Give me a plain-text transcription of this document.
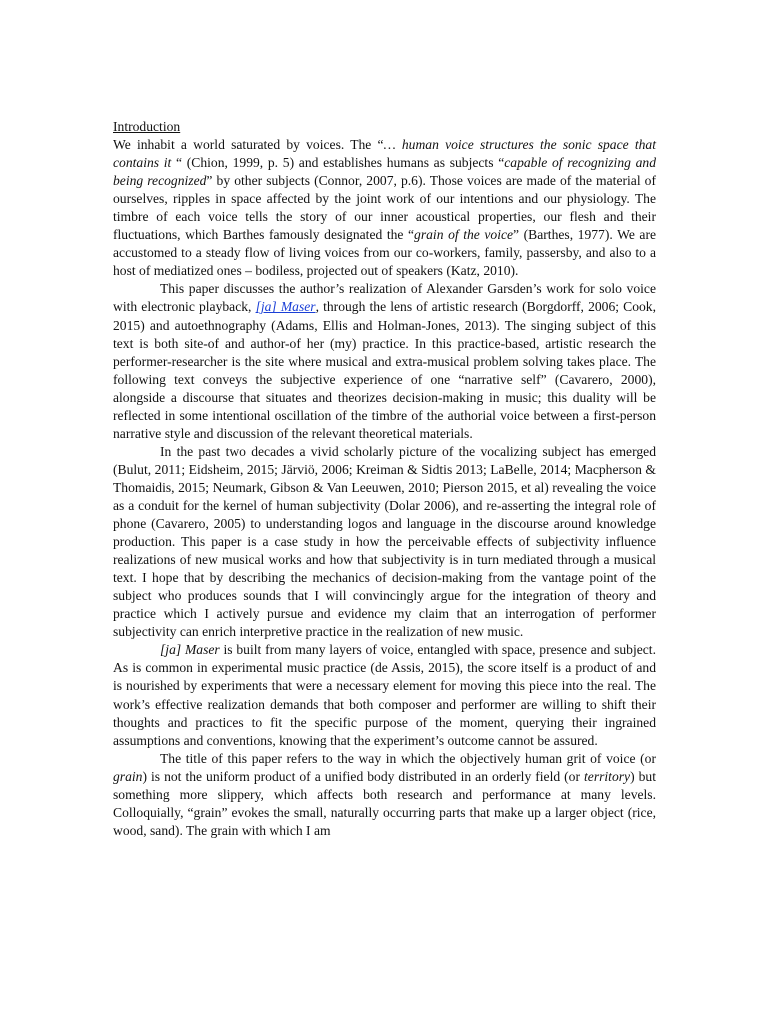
Introduction

We inhabit a world saturated by voices. The “… human voice structures the sonic space that contains it “ (Chion, 1999, p. 5) and establishes humans as subjects “capable of recognizing and being recognized” by other subjects (Connor, 2007, p.6). Those voices are made of the material of ourselves, ripples in space affected by the joint work of our intentions and our physiology. The timbre of each voice tells the story of our inner acoustical properties, our flesh and their fluctuations, which Barthes famously designated the “grain of the voice” (Barthes, 1977). We are accustomed to a steady flow of living voices from our co-workers, family, passersby, and also to a host of mediatized ones – bodiless, projected out of speakers (Katz, 2010).

This paper discusses the author’s realization of Alexander Garsden’s work for solo voice with electronic playback, [ja] Maser, through the lens of artistic research (Borgdorff, 2006; Cook, 2015) and autoethnography (Adams, Ellis and Holman-Jones, 2013). The singing subject of this text is both site-of and author-of her (my) practice. In this practice-based, artistic research the performer-researcher is the site where musical and extra-musical problem solving takes place. The following text conveys the subjective experience of one “narrative self” (Cavarero, 2000), alongside a discourse that situates and theorizes decision-making in music; this duality will be reflected in some intentional oscillation of the timbre of the authorial voice between a first-person narrative style and discussion of the relevant theoretical materials.

In the past two decades a vivid scholarly picture of the vocalizing subject has emerged (Bulut, 2011; Eidsheim, 2015; Järviö, 2006; Kreiman & Sidtis 2013; LaBelle, 2014; Macpherson & Thomaidis, 2015; Neumark, Gibson & Van Leeuwen, 2010; Pierson 2015, et al) revealing the voice as a conduit for the kernel of human subjectivity (Dolar 2006), and re-asserting the integral role of phone (Cavarero, 2005) to understanding logos and language in the discourse around knowledge production. This paper is a case study in how the perceivable effects of subjectivity influence realizations of new musical works and how that subjectivity is in turn mediated through a musical text. I hope that by describing the mechanics of decision-making from the vantage point of the subject who produces sounds that I will convincingly argue for the integration of theory and practice which I actively pursue and evidence my claim that an interrogation of performer subjectivity can enrich interpretive practice in the realization of new music.

[ja] Maser is built from many layers of voice, entangled with space, presence and subject. As is common in experimental music practice (de Assis, 2015), the score itself is a product of and is nourished by experiments that were a necessary element for moving this piece into the real. The work’s effective realization demands that both composer and performer are willing to shift their thoughts and practices to fit the specific purpose of the moment, querying their ingrained assumptions and conventions, knowing that the experiment’s outcome cannot be assured.

The title of this paper refers to the way in which the objectively human grit of voice (or grain) is not the uniform product of a unified body distributed in an orderly field (or territory) but something more slippery, which affects both research and performance at many levels. Colloquially, “grain” evokes the small, naturally occurring parts that make up a larger object (rice, wood, sand). The grain with which I am
